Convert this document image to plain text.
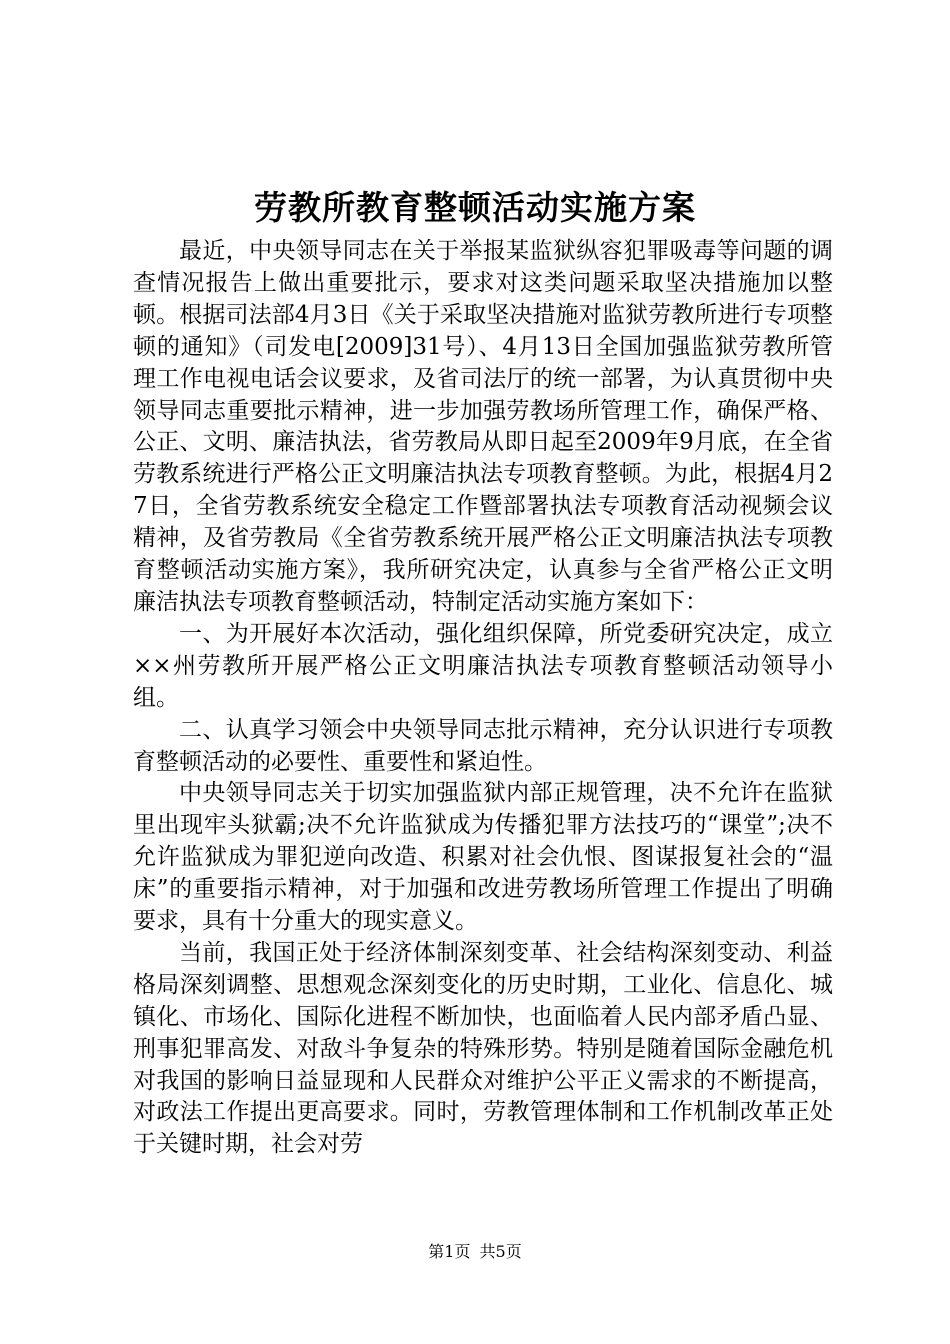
劳教所教育整顿活动实施方案

最近，中央领导同志在关于举报某监狱纵容犯罪吸毒等问题的调查情况报告上做出重要批示，要求对这类问题采取坚决措施加以整顿。根据司法部4月3日《关于采取坚决措施对监狱劳教所进行专项整顿的通知》（司发电[2009]31号）、4月13日全国加强监狱劳教所管理工作电视电话会议要求，及省司法厅的统一部署，为认真贯彻中央领导同志重要批示精神，进一步加强劳教场所管理工作，确保严格、公正、文明、廉洁执法，省劳教局从即日起至2009年9月底，在全省劳教系统进行严格公正文明廉洁执法专项教育整顿。为此，根据4月27日，全省劳教系统安全稳定工作暨部署执法专项教育活动视频会议精神，及省劳教局《全省劳教系统开展严格公正文明廉洁执法专项教育整顿活动实施方案》，我所研究决定，认真参与全省严格公正文明廉洁执法专项教育整顿活动，特制定活动实施方案如下：

一、为开展好本次活动，强化组织保障，所党委研究决定，成立××州劳教所开展严格公正文明廉洁执法专项教育整顿活动领导小组。

二、认真学习领会中央领导同志批示精神，充分认识进行专项教育整顿活动的必要性、重要性和紧迫性。

中央领导同志关于切实加强监狱内部正规管理，决不允许在监狱里出现牢头狱霸;决不允许监狱成为传播犯罪方法技巧的“课堂”;决不允许监狱成为罪犯逆向改造、积累对社会仇恨、图谋报复社会的“温床”的重要指示精神，对于加强和改进劳教场所管理工作提出了明确要求，具有十分重大的现实意义。

当前，我国正处于经济体制深刻变革、社会结构深刻变动、利益格局深刻调整、思想观念深刻变化的历史时期，工业化、信息化、城镇化、市场化、国际化进程不断加快，也面临着人民内部矛盾凸显、刑事犯罪高发、对敌斗争复杂的特殊形势。特别是随着国际金融危机对我国的影响日益显现和人民群众对维护公平正义需求的不断提高，对政法工作提出更高要求。同时，劳教管理体制和工作机制改革正处于关键时期，社会对劳

第1页 共5页
